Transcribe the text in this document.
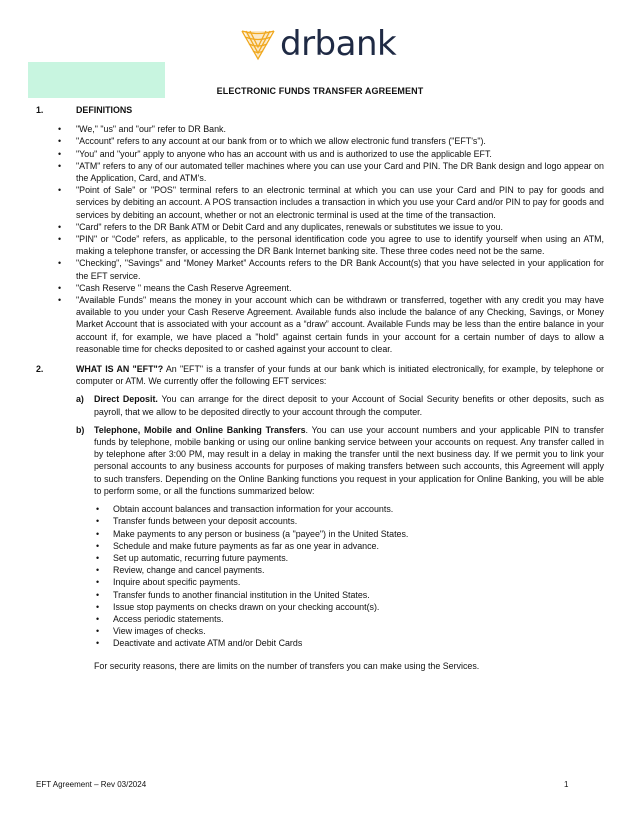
drbank
ELECTRONIC FUNDS TRANSFER AGREEMENT
1.	DEFINITIONS
• "We," "us" and "our" refer to DR Bank.
• "Account" refers to any account at our bank from or to which we allow electronic fund transfers ("EFT's").
• "You" and "your" apply to anyone who has an account with us and is authorized to use the applicable EFT.
• "ATM" refers to any of our automated teller machines where you can use your Card and PIN. The DR Bank design and logo appear on the Application, Card, and ATM's.
• "Point of Sale" or "POS" terminal refers to an electronic terminal at which you can use your Card and PIN to pay for goods and services by debiting an account. A POS transaction includes a transaction in which you use your Card and/or PIN to pay for goods and services by debiting an account, whether or not an electronic terminal is used at the time of the transaction.
• "Card" refers to the DR Bank ATM or Debit Card and any duplicates, renewals or substitutes we issue to you.
• "PIN" or “Code” refers, as applicable, to the personal identification code you agree to use to identify yourself when using an ATM, making a telephone transfer, or accessing the DR Bank Internet banking site. These three codes need not be the same.
• "Checking", "Savings" and “Money Market” Accounts refers to the DR Bank Account(s) that you have selected in your application for the EFT service.
• "Cash Reserve " means the Cash Reserve Agreement.
• "Available Funds" means the money in your account which can be withdrawn or transferred, together with any credit you may have available to you under your Cash Reserve Agreement. Available funds also include the balance of any Checking, Savings, or Money Market Account that is associated with your account as a “draw” account. Available Funds may be less than the entire balance in your account if, for example, we have placed a "hold" against certain funds in your account for a certain number of days to allow a reasonable time for checks deposited to or cashed against your account to clear.
2.	WHAT IS AN "EFT"? An "EFT" is a transfer of your funds at our bank which is initiated electronically, for example, by telephone or computer or ATM. We currently offer the following EFT services:
a)	Direct Deposit. You can arrange for the direct deposit to your Account of Social Security benefits or other deposits, such as payroll, that we allow to be deposited directly to your account through the computer.
b)	Telephone, Mobile and Online Banking Transfers. You can use your account numbers and your applicable PIN to transfer funds by telephone, mobile banking or using our online banking service between your accounts on request. Any transfer called in by telephone after 3:00 PM, may result in a delay in making the transfer until the next business day. If we permit you to link your personal accounts to any business accounts for purposes of making transfers between such accounts, this Agreement will apply to such transfers. Depending on the Online Banking functions you request in your application for Online Banking, you will be able to perform some, or all the functions summarized below:
• Obtain account balances and transaction information for your accounts.
• Transfer funds between your deposit accounts.
• Make payments to any person or business (a "payee") in the United States.
• Schedule and make future payments as far as one year in advance.
• Set up automatic, recurring future payments.
• Review, change and cancel payments.
• Inquire about specific payments.
• Transfer funds to another financial institution in the United States.
• Issue stop payments on checks drawn on your checking account(s).
• Access periodic statements.
• View images of checks.
• Deactivate and activate ATM and/or Debit Cards
For security reasons, there are limits on the number of transfers you can make using the Services.
EFT Agreement – Rev 03/2024	1
